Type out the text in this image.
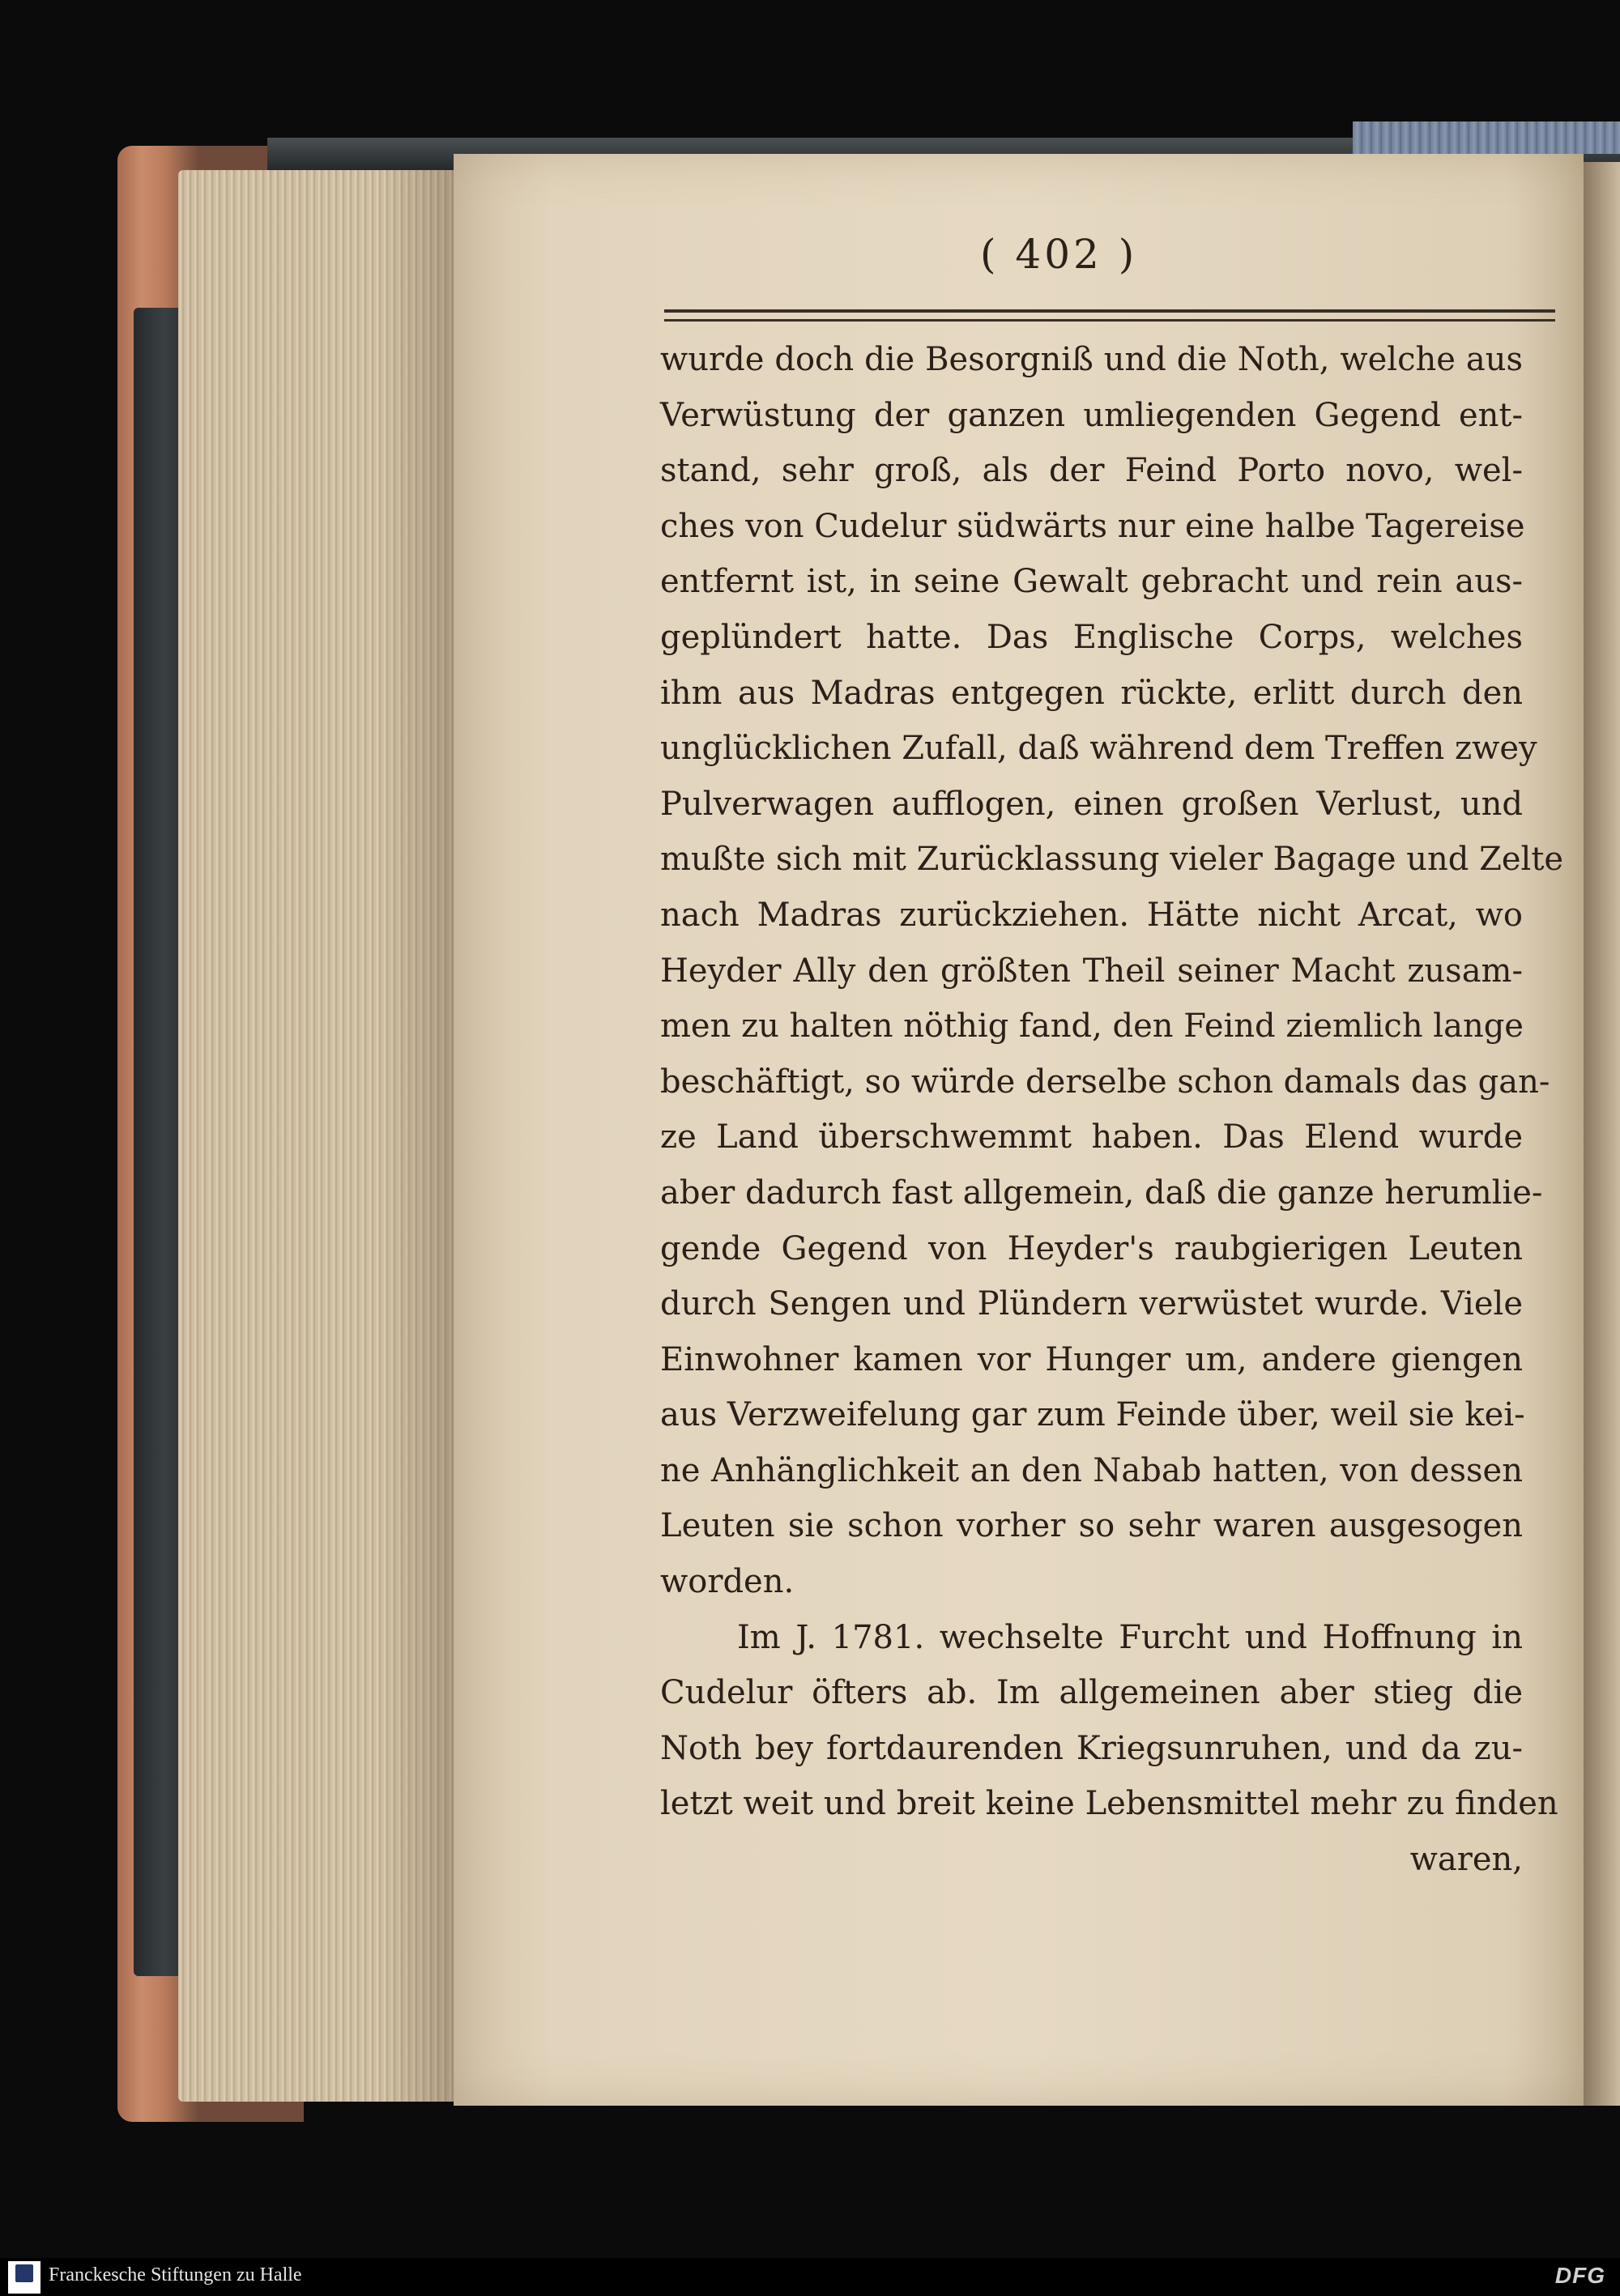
( 402 )
wurde doch die Besorgniß und die Noth, welche aus
Verwüstung der ganzen umliegenden Gegend ent-
stand, sehr groß, als der Feind Porto novo, wel-
ches von Cudelur südwärts nur eine halbe Tagereise
entfernt ist, in seine Gewalt gebracht und rein aus-
geplündert hatte. Das Englische Corps, welches
ihm aus Madras entgegen rückte, erlitt durch den
unglücklichen Zufall, daß während dem Treffen zwey
Pulverwagen aufflogen, einen großen Verlust, und
mußte sich mit Zurücklassung vieler Bagage und Zelte
nach Madras zurückziehen. Hätte nicht Arcat, wo
Heyder Ally den größten Theil seiner Macht zusam-
men zu halten nöthig fand, den Feind ziemlich lange
beschäftigt, so würde derselbe schon damals das gan-
ze Land überschwemmt haben. Das Elend wurde
aber dadurch fast allgemein, daß die ganze herumlie-
gende Gegend von Heyder's raubgierigen Leuten
durch Sengen und Plündern verwüstet wurde. Viele
Einwohner kamen vor Hunger um, andere giengen
aus Verzweifelung gar zum Feinde über, weil sie kei-
ne Anhänglichkeit an den Nabab hatten, von dessen
Leuten sie schon vorher so sehr waren ausgesogen
worden.
Im J. 1781. wechselte Furcht und Hoffnung in
Cudelur öfters ab. Im allgemeinen aber stieg die
Noth bey fortdaurenden Kriegsunruhen, und da zu-
letzt weit und breit keine Lebensmittel mehr zu finden
waren,
Franckesche Stiftungen zu Halle	DFG
